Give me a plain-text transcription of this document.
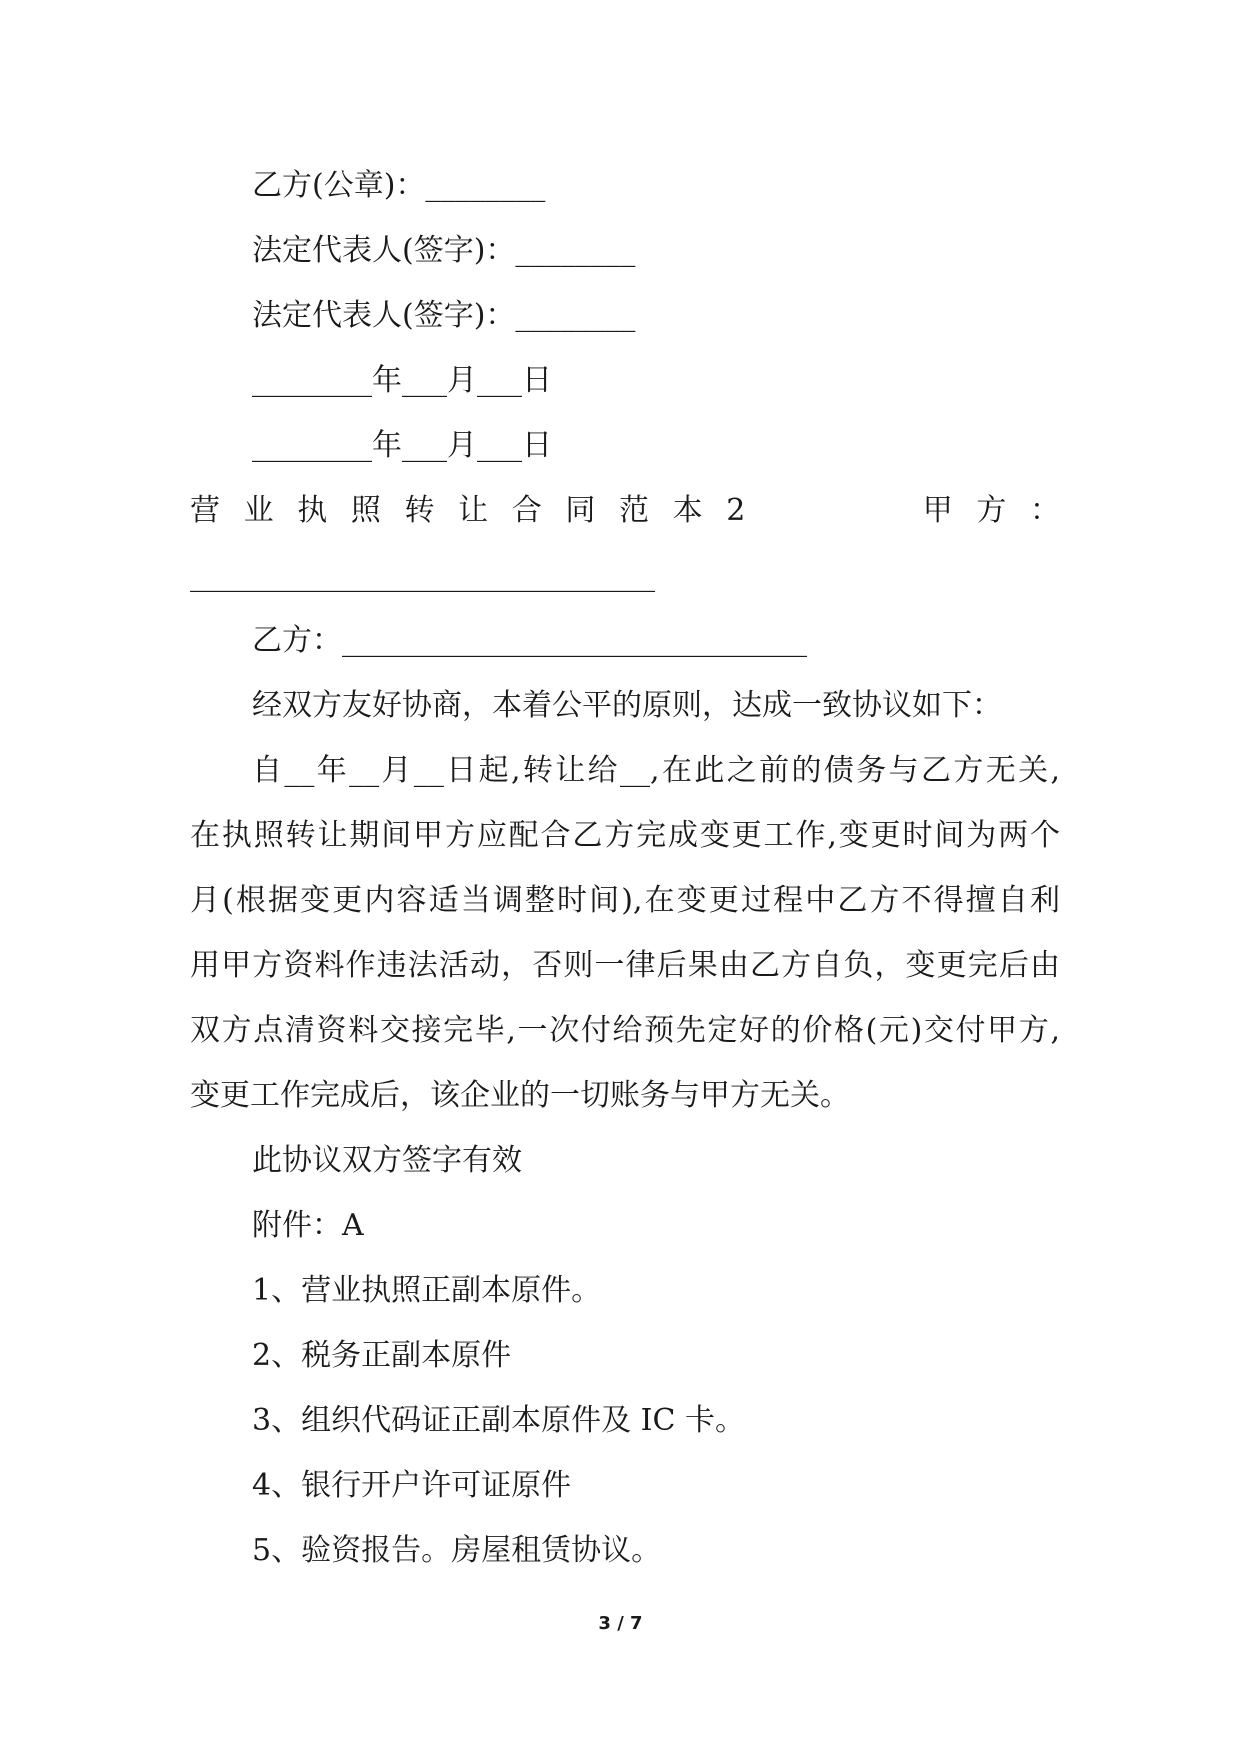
乙方(公章)：________
法定代表人(签字)：________
法定代表人(签字)：________
________年___月___日
________年___月___日
营 业 执 照 转 让 合 同 范 本 2 　 　 　 甲 方 ：
_______________________________
乙方：_______________________________
经双方友好协商，本着公平的原则，达成一致协议如下：
自__年__月__日起,转让给__,在此之前的债务与乙方无关,
在执照转让期间甲方应配合乙方完成变更工作,变更时间为两个
月(根据变更内容适当调整时间),在变更过程中乙方不得擅自利
用甲方资料作违法活动，否则一律后果由乙方自负，变更完后由
双方点清资料交接完毕,一次付给预先定好的价格(元)交付甲方,
变更工作完成后，该企业的一切账务与甲方无关。
此协议双方签字有效
附件：A
1、营业执照正副本原件。
2、税务正副本原件
3、组织代码证正副本原件及 IC 卡。
4、银行开户许可证原件
5、验资报告。房屋租赁协议。
3 / 7
